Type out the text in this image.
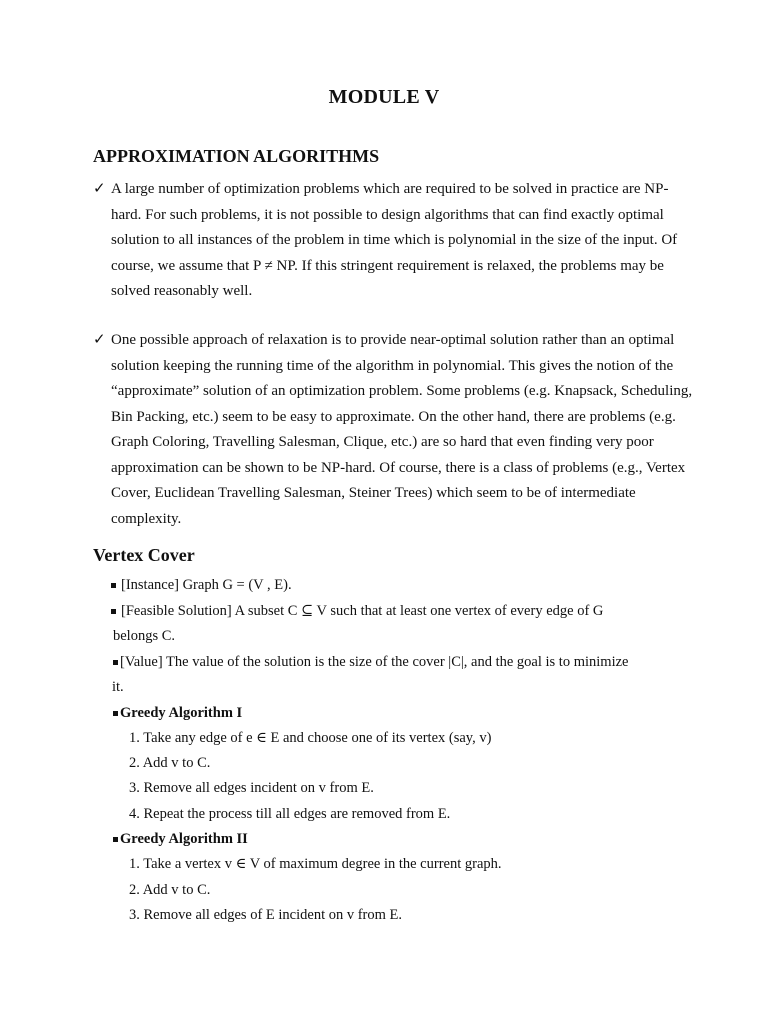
MODULE V
APPROXIMATION ALGORITHMS
✓ A large number of optimization problems which are required to be solved in practice are NP-hard. For such problems, it is not possible to design algorithms that can find exactly optimal solution to all instances of the problem in time which is polynomial in the size of the input. Of course, we assume that P ≠ NP. If this stringent requirement is relaxed, the problems may be solved reasonably well.
✓ One possible approach of relaxation is to provide near-optimal solution rather than an optimal solution keeping the running time of the algorithm in polynomial. This gives the notion of the “approximate” solution of an optimization problem. Some problems (e.g. Knapsack, Scheduling, Bin Packing, etc.) seem to be easy to approximate. On the other hand, there are problems (e.g. Graph Coloring, Travelling Salesman, Clique, etc.) are so hard that even finding very poor approximation can be shown to be NP-hard. Of course, there is a class of problems (e.g., Vertex Cover, Euclidean Travelling Salesman, Steiner Trees) which seem to be of intermediate complexity.
Vertex Cover
[Instance] Graph G = (V , E).
[Feasible Solution] A subset C ⊆ V such that at least one vertex of every edge of G
belongs C.
[Value] The value of the solution is the size of the cover |C|, and the goal is to minimize
it.
Greedy Algorithm I
1. Take any edge of e ∈ E and choose one of its vertex (say, v)
2. Add v to C.
3. Remove all edges incident on v from E.
4. Repeat the process till all edges are removed from E.
Greedy Algorithm II
1. Take a vertex v ∈ V of maximum degree in the current graph.
2. Add v to C.
3. Remove all edges of E incident on v from E.
